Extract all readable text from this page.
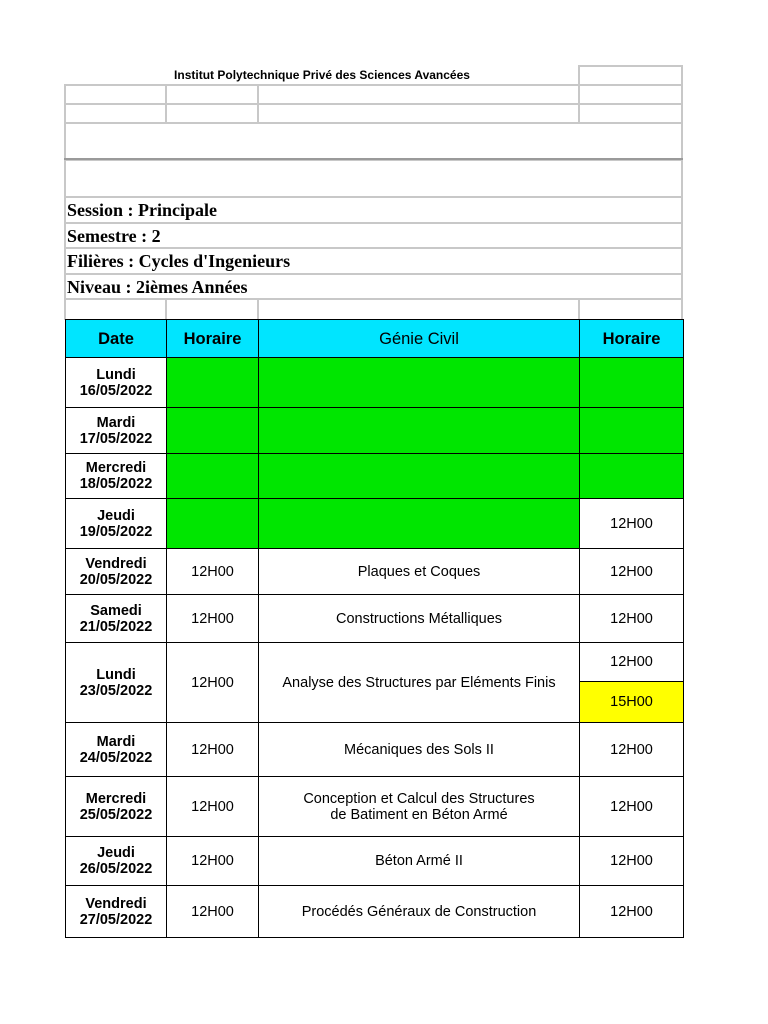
Institut Polytechnique Privé des Sciences Avancées
Session : Principale
Semestre : 2
Filières : Cycles d'Ingenieurs
Niveau : 2ièmes Années
Date	Horaire	Génie Civil	Horaire

Lundi
16/05/2022			

Mardi
17/05/2022			

Mercredi
18/05/2022			

Jeudi
19/05/2022			12H00

Vendredi
20/05/2022	12H00	Plaques et Coques	12H00

Samedi
21/05/2022	12H00	Constructions Métalliques	12H00

Lundi
23/05/2022	12H00	Analyse des Structures par Eléments Finis	12H00
			15H00

Mardi
24/05/2022	12H00	Mécaniques des Sols II	12H00

Mercredi
25/05/2022	12H00	Conception et Calcul des Structures
de Batiment en Béton Armé	12H00

Jeudi
26/05/2022	12H00	Béton Armé II	12H00

Vendredi
27/05/2022	12H00	Procédés Généraux de Construction	12H00
